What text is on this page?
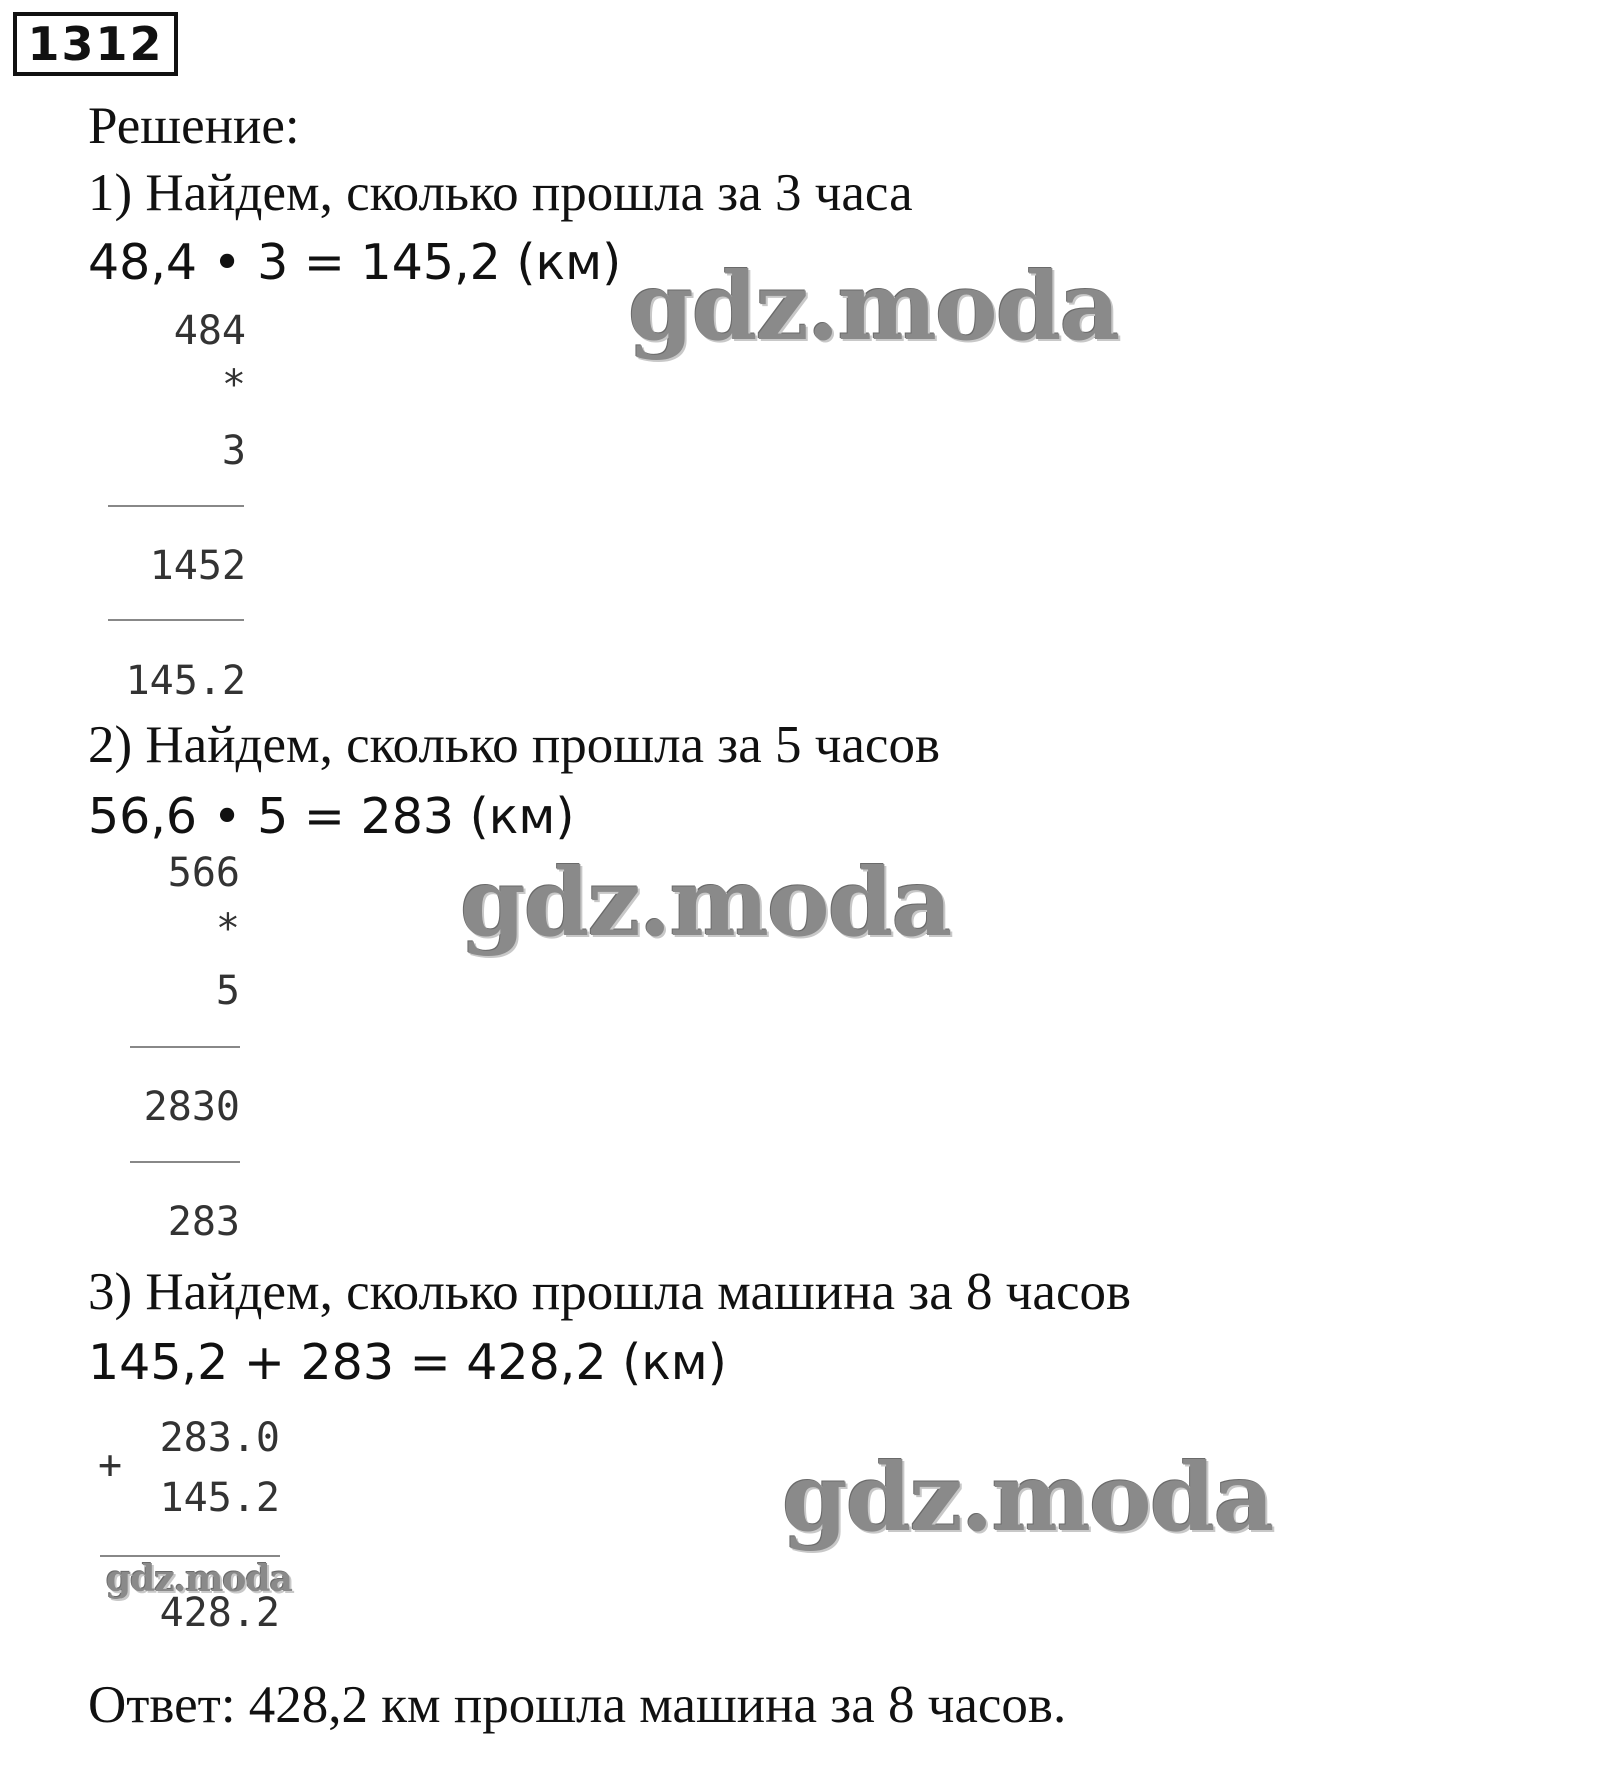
1312
Решение:
1) Найдем, сколько прошла за 3 часа
48,4 • 3 = 145,2 (км)
484
*
3
1452
145.2
2) Найдем, сколько прошла за 5 часов
56,6 • 5 = 283 (км)
566
*
5
2830
283
3) Найдем, сколько прошла машина за 8 часов
145,2 + 283 = 428,2 (км)
283.0
+
145.2
428.2
Ответ: 428,2 км прошла машина за 8 часов.
gdz.moda
gdz.moda
gdz.moda
gdz.moda
